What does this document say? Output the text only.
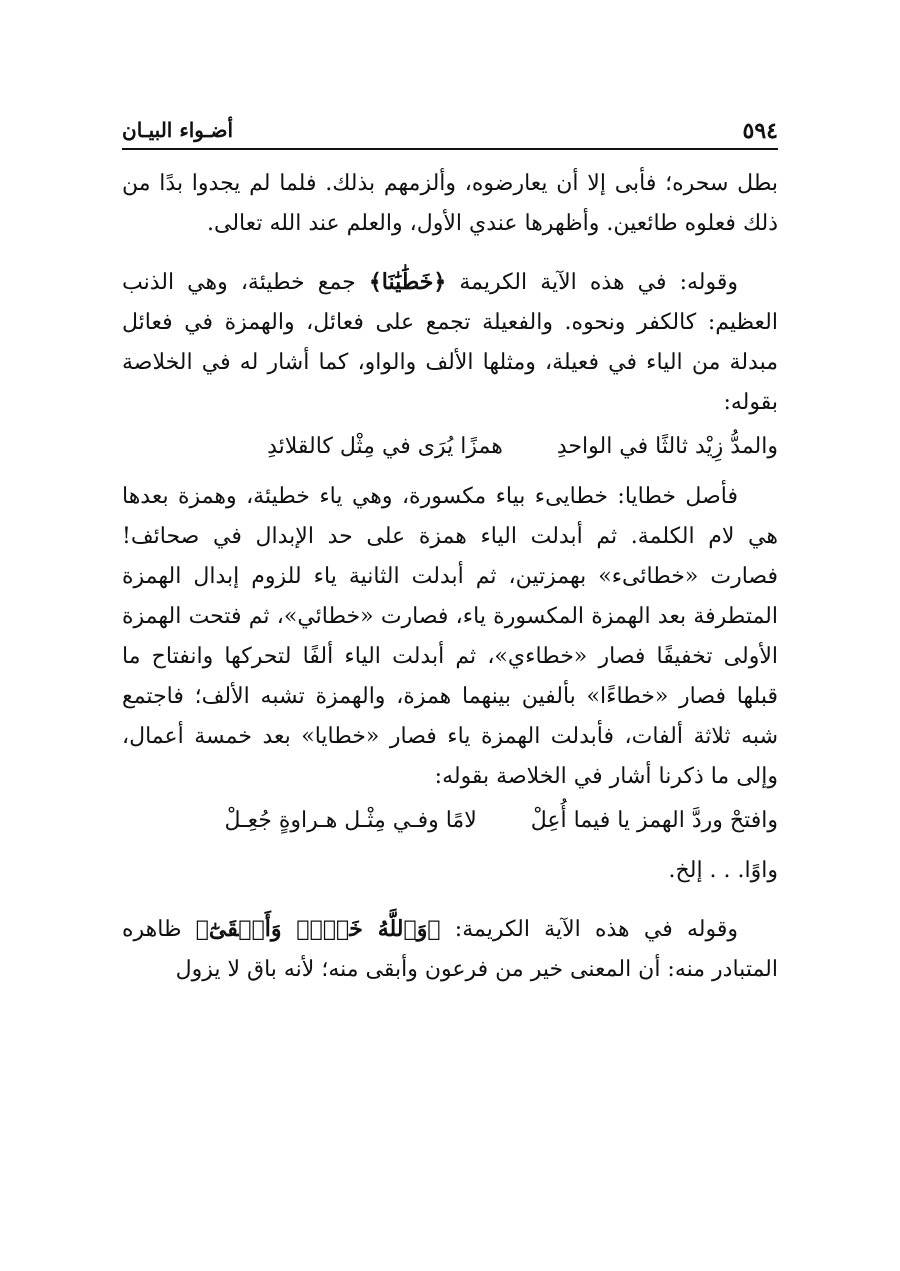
٥٩٤
أضـواء البيـان

بطل سحره؛ فأبى إلا أن يعارضوه، وألزمهم بذلك. فلما لم يجدوا بدًا من ذلك فعلوه طائعين. وأظهرها عندي الأول، والعلم عند الله تعالى.

وقوله: في هذه الآية الكريمة ﴿خَطَٰيَٰنَا﴾ جمع خطيئة، وهي الذنب العظيم: كالكفر ونحوه. والفعيلة تجمع على فعائل، والهمزة في فعائل مبدلة من الياء في فعيلة، ومثلها الألف والواو، كما أشار له في الخلاصة بقوله:

والمدُّ زِيْد ثالثًا في الواحدِ
همزًا يُرَى في مِثْل كالقلائدِ

فأصل خطايا: خطايىء بياء مكسورة، وهي ياء خطيئة، وهمزة بعدها هي لام الكلمة. ثم أبدلت الياء همزة على حد الإبدال في صحائف! فصارت «خطائىء» بهمزتين، ثم أبدلت الثانية ياء للزوم إبدال الهمزة المتطرفة بعد الهمزة المكسورة ياء، فصارت «خطائي»، ثم فتحت الهمزة الأولى تخفيفًا فصار «خطاءي»، ثم أبدلت الياء ألفًا لتحركها وانفتاح ما قبلها فصار «خطاءًا» بألفين بينهما همزة، والهمزة تشبه الألف؛ فاجتمع شبه ثلاثة ألفات، فأبدلت الهمزة ياء فصار «خطايا» بعد خمسة أعمال، وإلى ما ذكرنا أشار في الخلاصة بقوله:

وافتحْ وردَّ الهمز يا فيما أُعِلْ
لامًا وفـي مِثْـل هـراوةٍ جُعِـلْ

واوًا. . . إلخ.

وقوله في هذه الآية الكريمة: ﴿وَٱللَّهُ خَيۡرٞ وَأَبۡقَىٰٓ﴾ ظاهره المتبادر منه: أن المعنى خير من فرعون وأبقى منه؛ لأنه باق لا يزول
